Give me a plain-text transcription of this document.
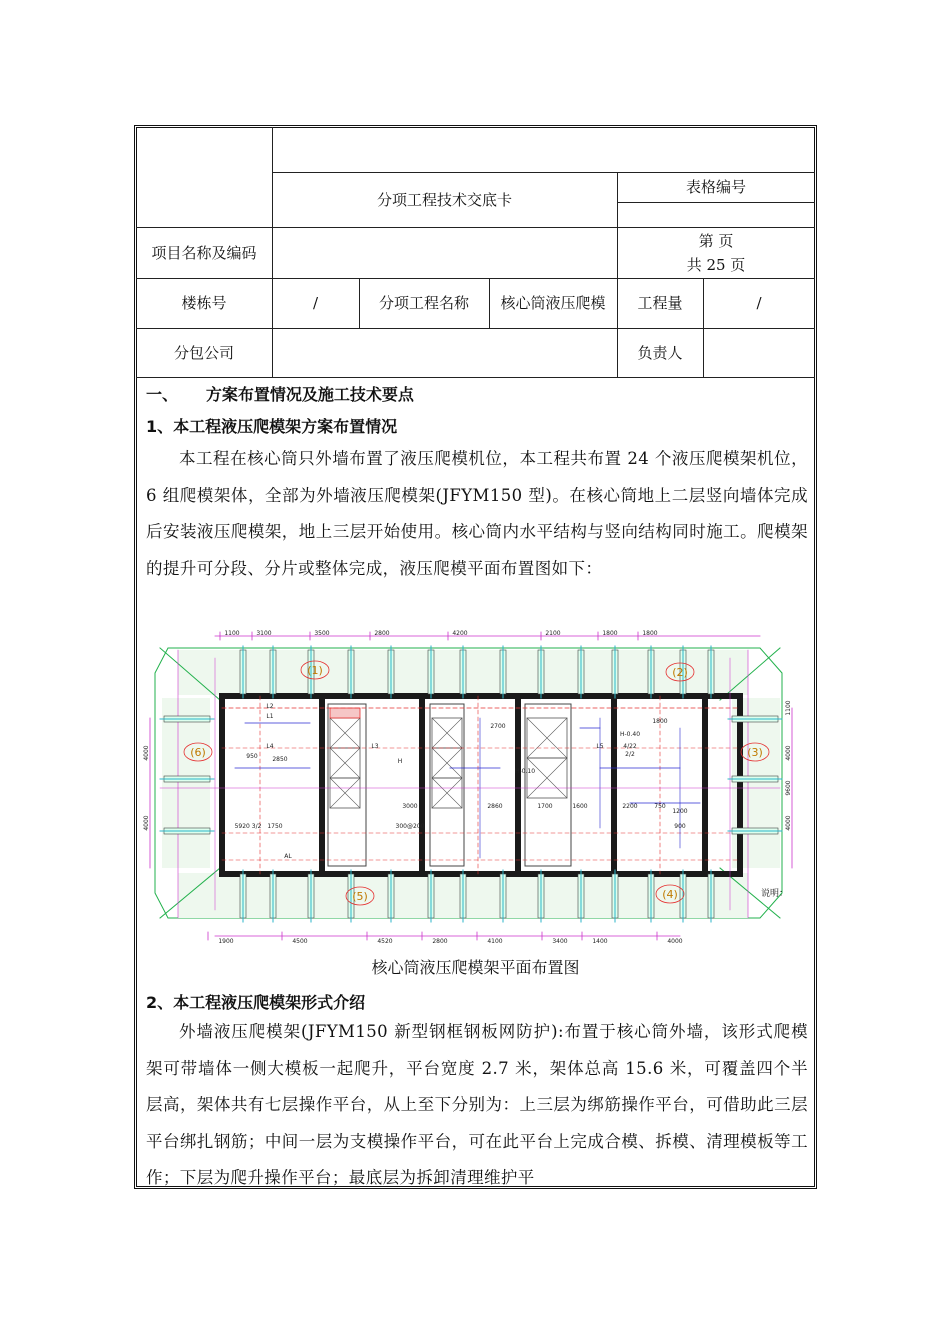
分项工程技术交底卡
表格编号
项目名称及编码
第 页
共 25 页
楼栋号	/	分项工程名称	核心筒液压爬模	工程量	/
分包公司	负责人
一、     方案布置情况及施工技术要点
1、本工程液压爬模架方案布置情况
本工程在核心筒只外墙布置了液压爬模机位，本工程共布置 24 个液压爬模架机位，6 组爬模架体，全部为外墙液压爬模架(JFYM150 型)。在核心筒地上二层竖向墙体完成后安装液压爬模架，地上三层开始使用。核心筒内水平结构与竖向结构同时施工。爬模架的提升可分段、分片或整体完成，液压爬模平面布置图如下：
1100	3100	3500	2800	4200	2100	1800	1800
1900	4500	4520	2800	4100	3400	1400	4000
4000
4000
1100
4000
9600
4000
(1)	(2)
(3)
(4)
(5)
(6)
L1
L2
L3
L4	L5
AL
H
H-0.40
H-0.10
2850
1700	1600	2200
2860
1750
950
2700
1800
3000
5920 3/2	300@200
4/22
2/2
750
900
1200
说明：
核心筒液压爬模架平面布置图
2、本工程液压爬模架形式介绍
外墙液压爬模架(JFYM150 新型钢框钢板网防护):布置于核心筒外墙，该形式爬模架可带墙体一侧大模板一起爬升，平台宽度 2.7 米，架体总高 15.6 米，可覆盖四个半层高，架体共有七层操作平台，从上至下分别为：上三层为绑筋操作平台，可借助此三层平台绑扎钢筋；中间一层为支模操作平台，可在此平台上完成合模、拆模、清理模板等工作；下层为爬升操作平台；最底层为拆卸清理维护平
